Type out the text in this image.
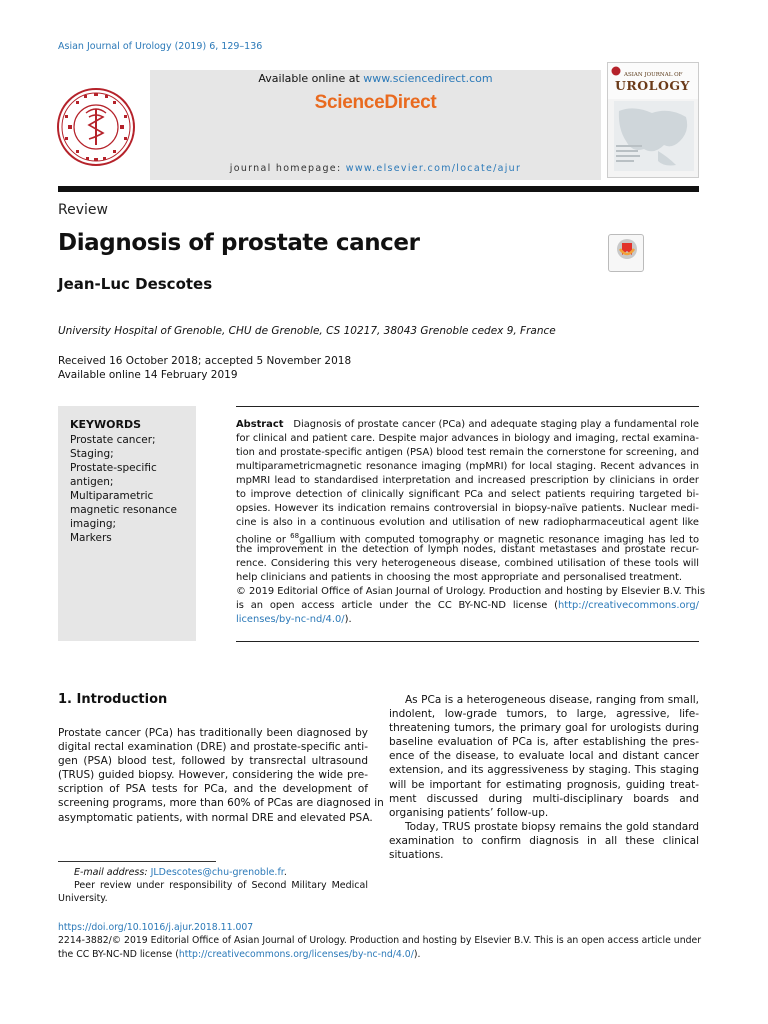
Asian Journal of Urology (2019) 6, 129–136
Available online at www.sciencedirect.com
ScienceDirect
journal homepage: www.elsevier.com/locate/ajur
ASIAN JOURNAL OF
UROLOGY
Review
Diagnosis of prostate cancer
Jean-Luc Descotes
University Hospital of Grenoble, CHU de Grenoble, CS 10217, 38043 Grenoble cedex 9, France
Received 16 October 2018; accepted 5 November 2018
Available online 14 February 2019
KEYWORDS
Prostate cancer;
Staging;
Prostate-specific
antigen;
Multiparametric
magnetic resonance
imaging;
Markers
Abstract Diagnosis of prostate cancer (PCa) and adequate staging play a fundamental role
for clinical and patient care. Despite major advances in biology and imaging, rectal examina-
tion and prostate-specific antigen (PSA) blood test remain the cornerstone for screening, and
multiparametricmagnetic resonance imaging (mpMRI) for local staging. Recent advances in
mpMRI lead to standardised interpretation and increased prescription by clinicians in order
to improve detection of clinically significant PCa and select patients requiring targeted bi-
opsies. However its indication remains controversial in biopsy-naïve patients. Nuclear medi-
cine is also in a continuous evolution and utilisation of new radiopharmaceutical agent like
choline or $^{68}$gallium with computed tomography or magnetic resonance imaging has led to
the improvement in the detection of lymph nodes, distant metastases and prostate recur-
rence. Considering this very heterogeneous disease, combined utilisation of these tools will
help clinicians and patients in choosing the most appropriate and personalised treatment.
© 2019 Editorial Office of Asian Journal of Urology. Production and hosting by Elsevier B.V. This
is an open access article under the CC BY-NC-ND license (http://creativecommons.org/
licenses/by-nc-nd/4.0/).
1. Introduction
Prostate cancer (PCa) has traditionally been diagnosed by
digital rectal examination (DRE) and prostate-specific anti-
gen (PSA) blood test, followed by transrectal ultrasound
(TRUS) guided biopsy. However, considering the wide pre-
scription of PSA tests for PCa, and the development of
screening programs, more than 60% of PCas are diagnosed in
asymptomatic patients, with normal DRE and elevated PSA.
As PCa is a heterogeneous disease, ranging from small,
indolent, low-grade tumors, to large, agressive, life-
threatening tumors, the primary goal for urologists during
baseline evaluation of PCa is, after establishing the pres-
ence of the disease, to evaluate local and distant cancer
extension, and its aggressiveness by staging. This staging
will be important for estimating prognosis, guiding treat-
ment discussed during multi-disciplinary boards and
organising patients’ follow-up.
Today, TRUS prostate biopsy remains the gold standard
examination to confirm diagnosis in all these clinical
situations.
E-mail address: JLDescotes@chu-grenoble.fr.
Peer review under responsibility of Second Military Medical
University.
https://doi.org/10.1016/j.ajur.2018.11.007
2214-3882/© 2019 Editorial Office of Asian Journal of Urology. Production and hosting by Elsevier B.V. This is an open access article under
the CC BY-NC-ND license (http://creativecommons.org/licenses/by-nc-nd/4.0/).
